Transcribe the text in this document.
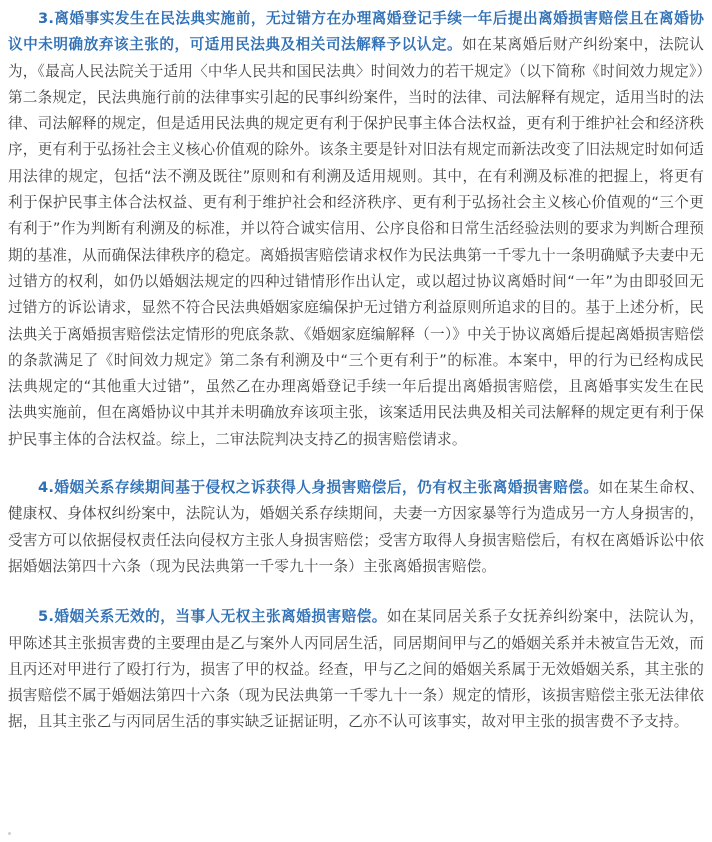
3.离婚事实发生在民法典实施前，无过错方在办理离婚登记手续一年后提出离婚损害赔偿且在离婚协议中未明确放弃该主张的，可适用民法典及相关司法解释予以认定。如在某离婚后财产纠纷案中，法院认为，《最高人民法院关于适用〈中华人民共和国民法典〉时间效力的若干规定》（以下简称《时间效力规定》）第二条规定，民法典施行前的法律事实引起的民事纠纷案件，当时的法律、司法解释有规定，适用当时的法律、司法解释的规定，但是适用民法典的规定更有利于保护民事主体合法权益，更有利于维护社会和经济秩序，更有利于弘扬社会主义核心价值观的除外。该条主要是针对旧法有规定而新法改变了旧法规定时如何适用法律的规定，包括“法不溯及既往”原则和有利溯及适用规则。其中，在有利溯及标准的把握上，将更有利于保护民事主体合法权益、更有利于维护社会和经济秩序、更有利于弘扬社会主义核心价值观的“三个更有利于”作为判断有利溯及的标准，并以符合诚实信用、公序良俗和日常生活经验法则的要求为判断合理预期的基准，从而确保法律秩序的稳定。离婚损害赔偿请求权作为民法典第一千零九十一条明确赋予夫妻中无过错方的权利，如仍以婚姻法规定的四种过错情形作出认定，或以超过协议离婚时间“一年”为由即驳回无过错方的诉讼请求，显然不符合民法典婚姻家庭编保护无过错方利益原则所追求的目的。基于上述分析，民法典关于离婚损害赔偿法定情形的兜底条款、《婚姻家庭编解释（一）》中关于协议离婚后提起离婚损害赔偿的条款满足了《时间效力规定》第二条有利溯及中“三个更有利于”的标准。本案中，甲的行为已经构成民法典规定的“其他重大过错”，虽然乙在办理离婚登记手续一年后提出离婚损害赔偿，且离婚事实发生在民法典实施前，但在离婚协议中其并未明确放弃该项主张，该案适用民法典及相关司法解释的规定更有利于保护民事主体的合法权益。综上，二审法院判决支持乙的损害赔偿请求。

4.婚姻关系存续期间基于侵权之诉获得人身损害赔偿后，仍有权主张离婚损害赔偿。如在某生命权、健康权、身体权纠纷案中，法院认为，婚姻关系存续期间，夫妻一方因家暴等行为造成另一方人身损害的，受害方可以依据侵权责任法向侵权方主张人身损害赔偿；受害方取得人身损害赔偿后，有权在离婚诉讼中依据婚姻法第四十六条（现为民法典第一千零九十一条）主张离婚损害赔偿。

5.婚姻关系无效的，当事人无权主张离婚损害赔偿。如在某同居关系子女抚养纠纷案中，法院认为，甲陈述其主张损害费的主要理由是乙与案外人丙同居生活，同居期间甲与乙的婚姻关系并未被宣告无效，而且丙还对甲进行了殴打行为，损害了甲的权益。经查，甲与乙之间的婚姻关系属于无效婚姻关系，其主张的损害赔偿不属于婚姻法第四十六条（现为民法典第一千零九十一条）规定的情形，该损害赔偿主张无法律依据，且其主张乙与丙同居生活的事实缺乏证据证明，乙亦不认可该事实，故对甲主张的损害费不予支持。
